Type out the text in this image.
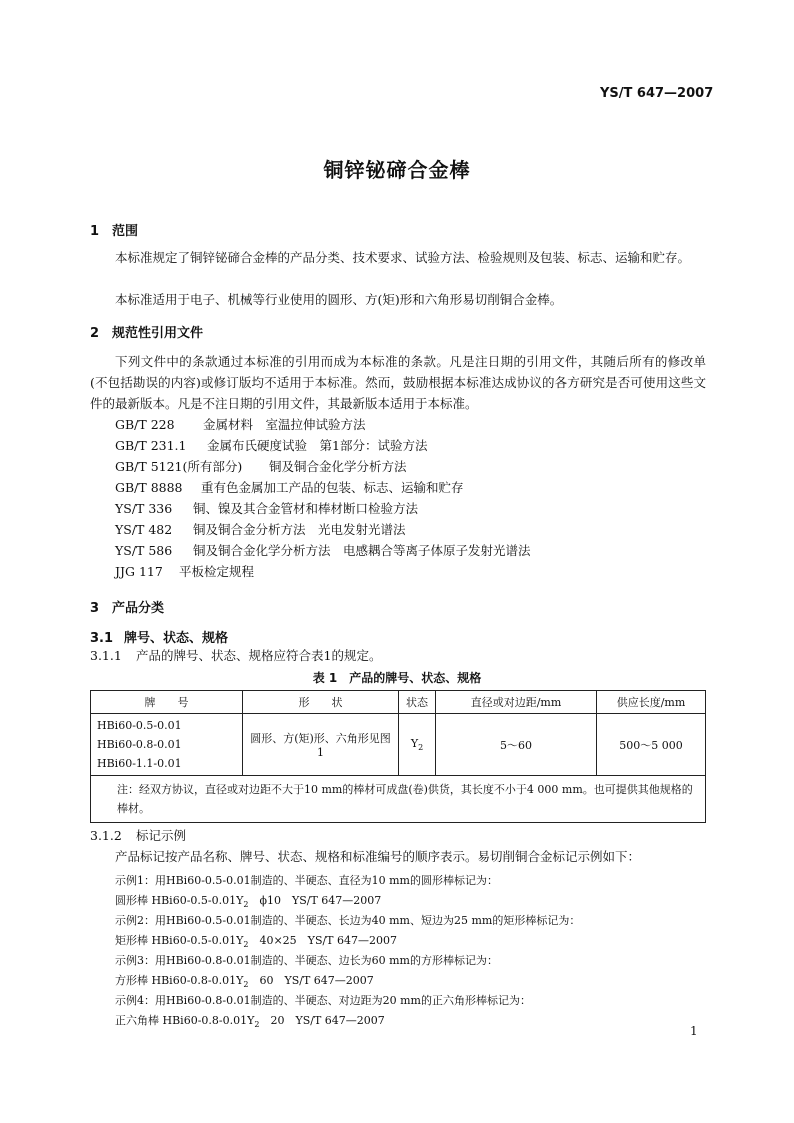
YS/T 647—2007
铜锌铋碲合金棒
1 范围
本标准规定了铜锌铋碲合金棒的产品分类、技术要求、试验方法、检验规则及包装、标志、运输和贮存。
本标准适用于电子、机械等行业使用的圆形、方(矩)形和六角形易切削铜合金棒。
2 规范性引用文件
下列文件中的条款通过本标准的引用而成为本标准的条款。凡是注日期的引用文件，其随后所有的修改单(不包括勘误的内容)或修订版均不适用于本标准。然而，鼓励根据本标准达成协议的各方研究是否可使用这些文件的最新版本。凡是不注日期的引用文件，其最新版本适用于本标准。
GB/T 228 金属材料　室温拉伸试验方法
GB/T 231.1 金属布氏硬度试验　第1部分：试验方法
GB/T 5121(所有部分) 铜及铜合金化学分析方法
GB/T 8888 重有色金属加工产品的包装、标志、运输和贮存
YS/T 336 铜、镍及其合金管材和棒材断口检验方法
YS/T 482 铜及铜合金分析方法　光电发射光谱法
YS/T 586 铜及铜合金化学分析方法　电感耦合等离子体原子发射光谱法
JJG 117 平板检定规程
3 产品分类
3.1 牌号、状态、规格
3.1.1 产品的牌号、状态、规格应符合表1的规定。
表 1　产品的牌号、状态、规格
牌　　号	形　　状	状态	直径或对边距/mm	供应长度/mm

HBi60-0.5-0.01
HBi60-0.8-0.01
HBi60-1.1-0.01	圆形、方(矩)形、六角形见图1	$Y_2$	5～60	500～5 000
注：经双方协议，直径或对边距不大于10 mm的棒材可成盘(卷)供货，其长度不小于4 000 mm。也可提供其他规格的棒材。				
3.1.2 标记示例
产品标记按产品名称、牌号、状态、规格和标准编号的顺序表示。易切削铜合金标记示例如下：
示例1：用HBi60-0.5-0.01制造的、半硬态、直径为10 mm的圆形棒标记为：
圆形棒 $HBi60-0.5-0.01Y_2$　ϕ10　YS/T 647—2007
示例2：用HBi60-0.5-0.01制造的、半硬态、长边为40 mm、短边为25 mm的矩形棒标记为：
矩形棒 $HBi60-0.5-0.01Y_2$　40×25　YS/T 647—2007
示例3：用HBi60-0.8-0.01制造的、半硬态、边长为60 mm的方形棒标记为：
方形棒 $HBi60-0.8-0.01Y_2$　60　YS/T 647—2007
示例4：用HBi60-0.8-0.01制造的、半硬态、对边距为20 mm的正六角形棒标记为：
正六角棒 $HBi60-0.8-0.01Y_2$　20　YS/T 647—2007
1
